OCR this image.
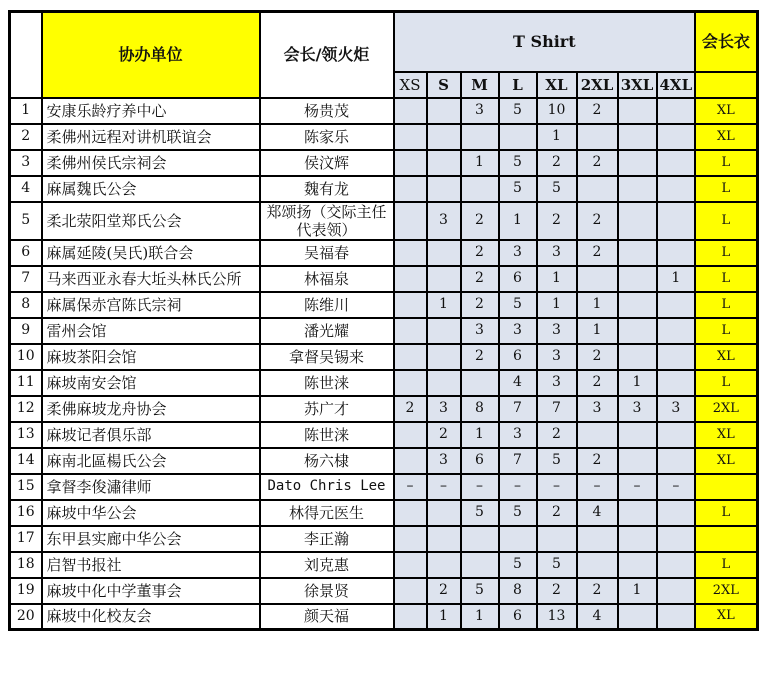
	协办单位	会长/领火炬	T Shirt								会长衣
			XS	S	M	L	XL	2XL	3XL	4XL	
1	安康乐龄疗养中心	杨贵茂			3	5	10	2			XL
2	柔佛州远程对讲机联谊会	陈家乐					1				XL
3	柔佛州侯氏宗祠会	侯汶辉			1	5	2	2			L
4	麻属魏氏公会	魏有龙				5	5				L
5	柔北荥阳堂郑氏公会	郑颂扬（交际主任代表领）		3	2	1	2	2			L
6	麻属延陵(吴氏)联合会	吴福春			2	3	3	2			L
7	马来西亚永春大坵头林氏公所	林福泉			2	6	1			1	L
8	麻属保赤宫陈氏宗祠	陈维川		1	2	5	1	1			L
9	雷州会馆	潘光耀			3	3	3	1			L
10	麻坡茶阳会馆	拿督吴锡来			2	6	3	2			XL
11	麻坡南安会馆	陈世涞				4	3	2	1		L
12	柔佛麻坡龙舟协会	苏广才	2	3	8	7	7	3	3	3	2XL
13	麻坡记者俱乐部	陈世涞		2	1	3	2				XL
14	麻南北區楊氏公会	杨六棣		3	6	7	5	2			XL
15	拿督李俊潚律师	Dato Chris Lee	–	–	–	–	–	–	–	–	
16	麻坡中华公会	林得元医生			5	5	2	4			L
17	东甲县实廊中华公会	李正瀚									
18	启智书报社	刘克惠				5	5				L
19	麻坡中化中学董事会	徐景贤		2	5	8	2	2	1		2XL
20	麻坡中化校友会	颜天福		1	1	6	13	4			XL
